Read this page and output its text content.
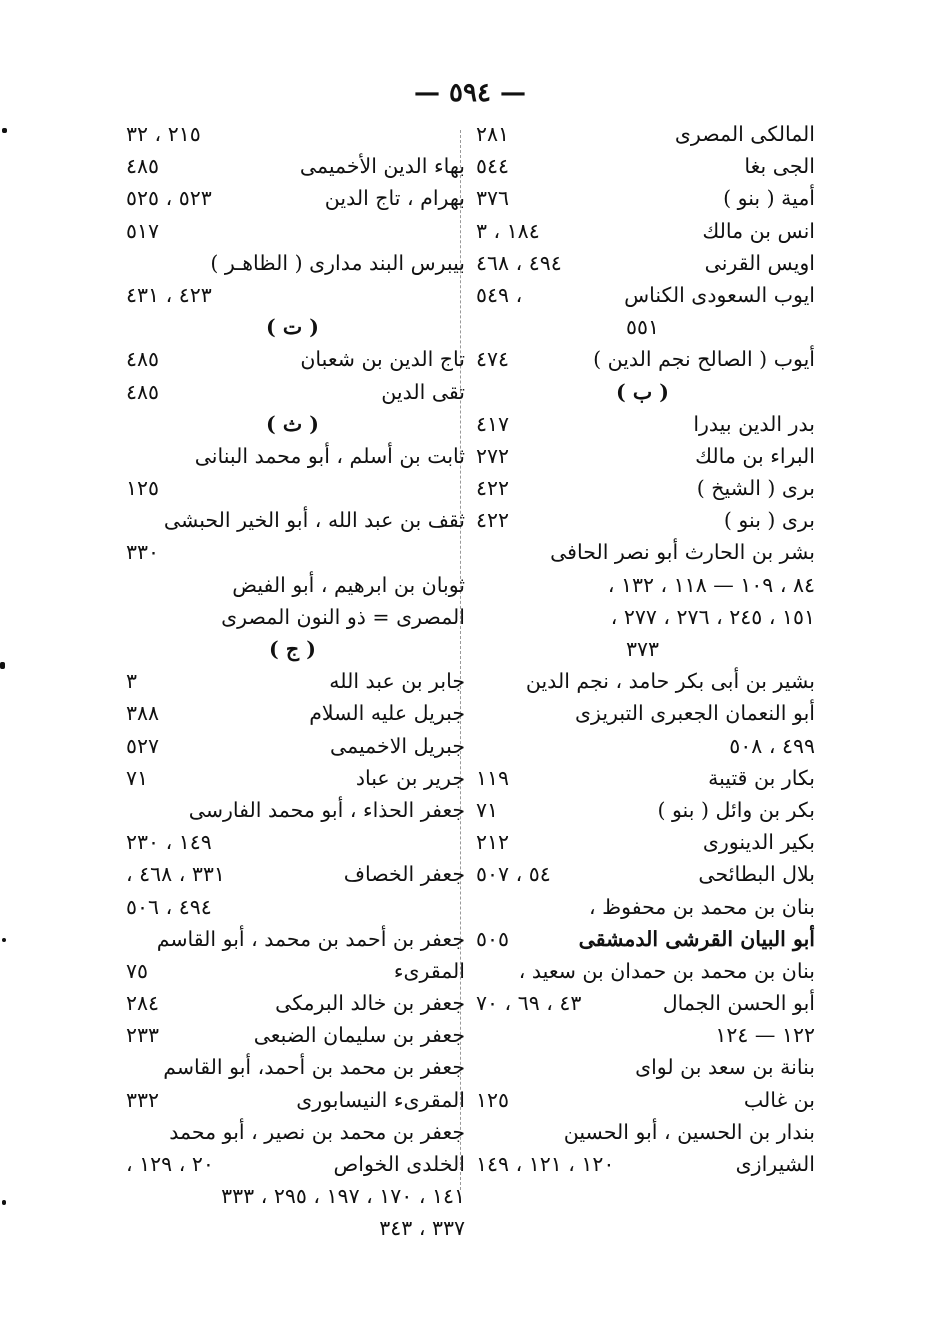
— ٥٩٤ —
المالكى المصرى
٢٨١
الجى بغا
٥٤٤
أمية ( بنو )
٣٧٦
انس بن مالك
١٨٤ ، ٣
اويس القرنى
٤٩٤ ، ٤٦٨
ايوب السعودى الكناس
، ٥٤٩
٥٥١
أيوب ( الصالح نجم الدين )
٤٧٤
( ب )
بدر الدين بيدرا
٤١٧
البراء بن مالك
٢٧٢
برى ( الشيخ )
٤٢٢
برى ( بنو )
٤٢٢
بشر بن الحارث أبو نصر الحافى
٨٤ ، ١٠٩ — ١١٨ ، ١٣٢ ،
١٥١ ، ٢٤٥ ، ٢٧٦ ، ٢٧٧ ،
٣٧٣
بشير بن أبى بكر حامد ، نجم الدين
أبو النعمان الجعبرى التبريزى
٤٩٩ ، ٥٠٨
بكار بن قتيبة
١١٩
بكر بن وائل ( بنو )
٧١
بكير الدينورى
٢١٢
بلال البطائحى
٥٤ ، ٥٠٧
بنان بن محمد بن محفوظ ،
أبو البيان القرشى الدمشقى
٥٠٥
بنان بن محمد بن حمدان بن سعيد ،
أبو الحسن الجمال
٤٣ ، ٦٩ ، ٧٠
١٢٢ — ١٢٤
بنانة بن سعد بن لواى
بن غالب
١٢٥
بندار بن الحسين ، أبو الحسين
الشيرازى
١٢٠ ، ١٢١ ، ١٤٩
٢١٥ ، ٣٢
بهاء الدين الأخميمى
٤٨٥
بهرام ، تاج الدين
٥٢٣ ، ٥٢٥
٥١٧
بيبرس البند مدارى ( الظاهـر )
٤٢٣ ، ٤٣١
( ت )
تاج الدين بن شعبان
٤٨٥
تقى الدين
٤٨٥
( ث )
ثابت بن أسلم ، أبو محمد البنانى
١٢٥
ثقف بن عبد الله ، أبو الخير الحبشى
٣٣٠
ثوبان بن ابرهيم ، أبو الفيض
المصرى = ذو النون المصرى
( ج )
جابر بن عبد الله
٣
جبريل عليه السلام
٣٨٨
جبريل الاخميمى
٥٢٧
جرير بن عباد
٧١
جعفر الحذاء ، أبو محمد الفارسى
١٤٩ ، ٢٣٠
جعفر الخصاف
٣٣١ ، ٤٦٨ ،
٤٩٤ ، ٥٠٦
جعفر بن أحمد بن محمد ، أبو القاسم
المقرىء
٧٥
جعفر بن خالد البرمكى
٢٨٤
جعفر بن سليمان الضبعى
٢٣٣
جعفر بن محمد بن أحمد، أبو القاسم
المقرىء النيسابورى
٣٣٢
جعفر بن محمد بن نصير ، أبو محمد
الخلدى الخواص
٢٠ ، ١٢٩ ،
١٤١ ، ١٧٠ ، ١٩٧ ، ٢٩٥ ، ٣٣٣
٣٣٧ ، ٣٤٣
